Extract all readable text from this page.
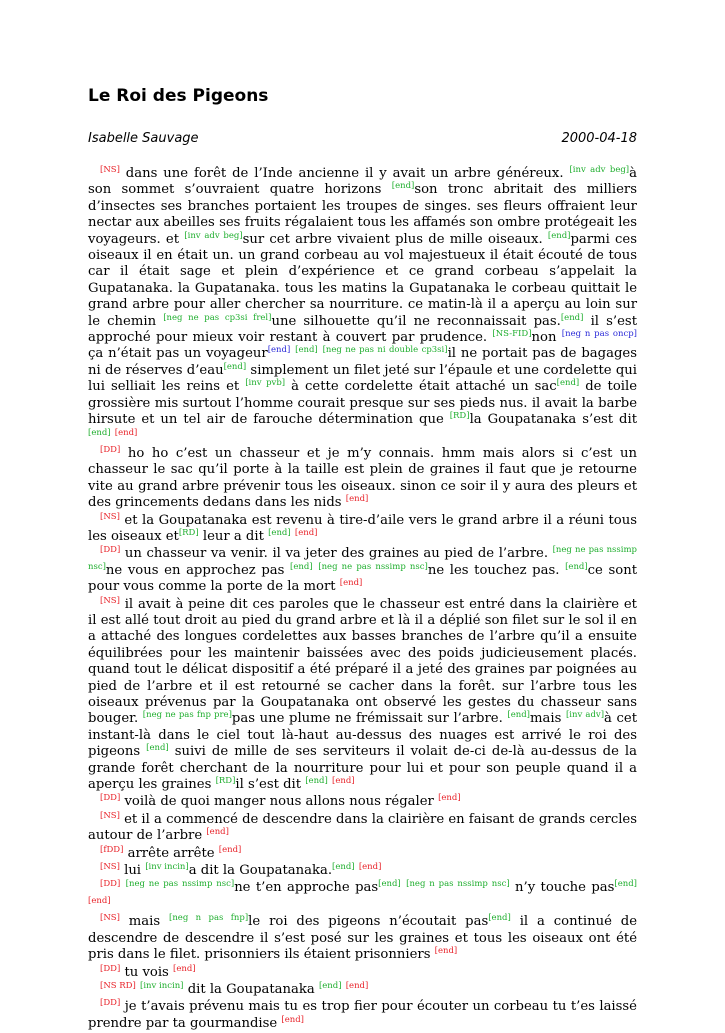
Le Roi des Pigeons
Isabelle Sauvage	2000-04-18

[NS] dans une forêt de l’Inde ancienne il y avait un arbre généreux. [inv adv beg]à son sommet s’ouvraient quatre horizons [end]son tronc abritait des milliers d’insectes ses branches portaient les troupes de singes. ses fleurs offraient leur nectar aux abeilles ses fruits régalaient tous les affamés son ombre protégeait les voyageurs. et [inv adv beg]sur cet arbre vivaient plus de mille oiseaux. [end]parmi ces oiseaux il en était un. un grand corbeau au vol majestueux il était écouté de tous car il était sage et plein d’expérience et ce grand corbeau s’appelait la Gupatanaka. la Gupatanaka. tous les matins la Gupatanaka le corbeau quittait le grand arbre pour aller chercher sa nourriture. ce matin-là il a aperçu au loin sur le chemin [neg ne pas cp3si frel]une silhouette qu’il ne reconnaissait pas.[end] il s’est approché pour mieux voir restant à couvert par prudence. [NS-FID]non [neg n pas oncp] ça n’était pas un voyageur[end] [end] [neg ne pas ni double cp3si]il ne portait pas de bagages ni de réserves d’eau[end] simplement un filet jeté sur l’épaule et une cordelette qui lui selliait les reins et [inv pvb] à cette cordelette était attaché un sac[end] de toile grossière mis surtout l’homme courait presque sur ses pieds nus. il avait la barbe hirsute et un tel air de farouche détermination que [RD]la Goupatanaka s’est dit [end] [end]

[DD] ho ho c’est un chasseur et je m’y connais. hmm mais alors si c’est un chasseur le sac qu’il porte à la taille est plein de graines il faut que je retourne vite au grand arbre prévenir tous les oiseaux. sinon ce soir il y aura des pleurs et des grincements dedans dans les nids [end]

[NS] et la Goupatanaka est revenu à tire-d’aile vers le grand arbre il a réuni tous les oiseaux et[RD] leur a dit [end] [end]

[DD] un chasseur va venir. il va jeter des graines au pied de l’arbre. [neg ne pas nssimp nsc]ne vous en approchez pas [end] [neg ne pas nssimp nsc]ne les touchez pas. [end]ce sont pour vous comme la porte de la mort [end]

[NS] il avait à peine dit ces paroles que le chasseur est entré dans la clairière et il est allé tout droit au pied du grand arbre et là il a déplié son filet sur le sol il en a attaché des longues cordelettes aux basses branches de l’arbre qu’il a ensuite équilibrées pour les maintenir baissées avec des poids judicieusement placés. quand tout le délicat dispositif a été préparé il a jeté des graines par poignées au pied de l’arbre et il est retourné se cacher dans la forêt. sur l’arbre tous les oiseaux prévenus par la Goupatanaka ont observé les gestes du chasseur sans bouger. [neg ne pas fnp pre]pas une plume ne frémissait sur l’arbre. [end]mais [inv adv]à cet instant-là dans le ciel tout là-haut au-dessus des nuages est arrivé le roi des pigeons [end] suivi de mille de ses serviteurs il volait de-ci de-là au-dessus de la grande forêt cherchant de la nourriture pour lui et pour son peuple quand il a aperçu les graines [RD]il s’est dit [end] [end]

[DD] voilà de quoi manger nous allons nous régaler [end]

[NS] et il a commencé de descendre dans la clairière en faisant de grands cercles autour de l’arbre [end]

[fDD] arrête arrête [end]

[NS] lui [inv incin]a dit la Goupatanaka.[end] [end]

[DD] [neg ne pas nssimp nsc]ne t’en approche pas[end] [neg n pas nssimp nsc] n’y touche pas[end] [end]

[NS] mais [neg n pas fnp]le roi des pigeons n’écoutait pas[end] il a continué de descendre de descendre il s’est posé sur les graines et tous les oiseaux ont été pris dans le filet. prisonniers ils étaient prisonniers [end]

[DD] tu vois [end]

[NS RD] [inv incin] dit la Goupatanaka [end] [end]

[DD] je t’avais prévenu mais tu es trop fier pour écouter un corbeau tu t’es laissé prendre par ta gourmandise [end]
